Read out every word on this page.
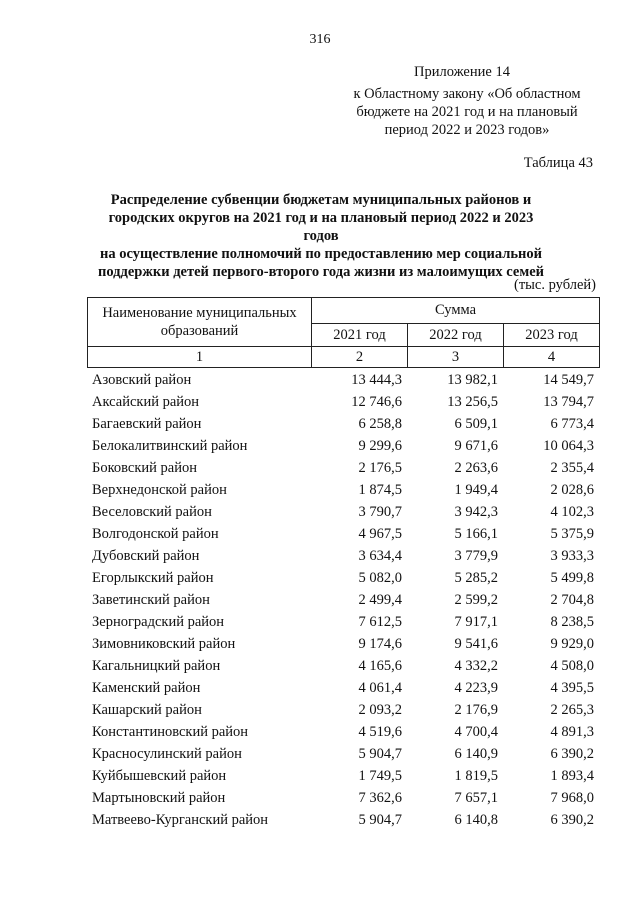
316
Приложение 14
к Областному закону «Об областном
бюджете на 2021 год и на плановый
период 2022 и 2023 годов»
Таблица 43
Распределение субвенции бюджетам муниципальных районов и
городских округов на 2021 год и на плановый период 2022 и 2023 годов
на осуществление полномочий по предоставлению мер социальной
поддержки детей первого-второго года жизни из малоимущих семей
(тыс. рублей)
Наименование муниципальных образований	Сумма		
	2021 год	2022 год	2023 год
1	2	3	4
Азовский район	13 444,3	13 982,1	14 549,7
Аксайский район	12 746,6	13 256,5	13 794,7
Багаевский район	6 258,8	6 509,1	6 773,4
Белокалитвинский район	9 299,6	9 671,6	10 064,3
Боковский район	2 176,5	2 263,6	2 355,4
Верхнедонской район	1 874,5	1 949,4	2 028,6
Веселовский район	3 790,7	3 942,3	4 102,3
Волгодонской район	4 967,5	5 166,1	5 375,9
Дубовский район	3 634,4	3 779,9	3 933,3
Егорлыкский район	5 082,0	5 285,2	5 499,8
Заветинский район	2 499,4	2 599,2	2 704,8
Зерноградский район	7 612,5	7 917,1	8 238,5
Зимовниковский район	9 174,6	9 541,6	9 929,0
Кагальницкий район	4 165,6	4 332,2	4 508,0
Каменский район	4 061,4	4 223,9	4 395,5
Кашарский район	2 093,2	2 176,9	2 265,3
Константиновский район	4 519,6	4 700,4	4 891,3
Красносулинский район	5 904,7	6 140,9	6 390,2
Куйбышевский район	1 749,5	1 819,5	1 893,4
Мартыновский район	7 362,6	7 657,1	7 968,0
Матвеево-Курганский район	5 904,7	6 140,8	6 390,2
